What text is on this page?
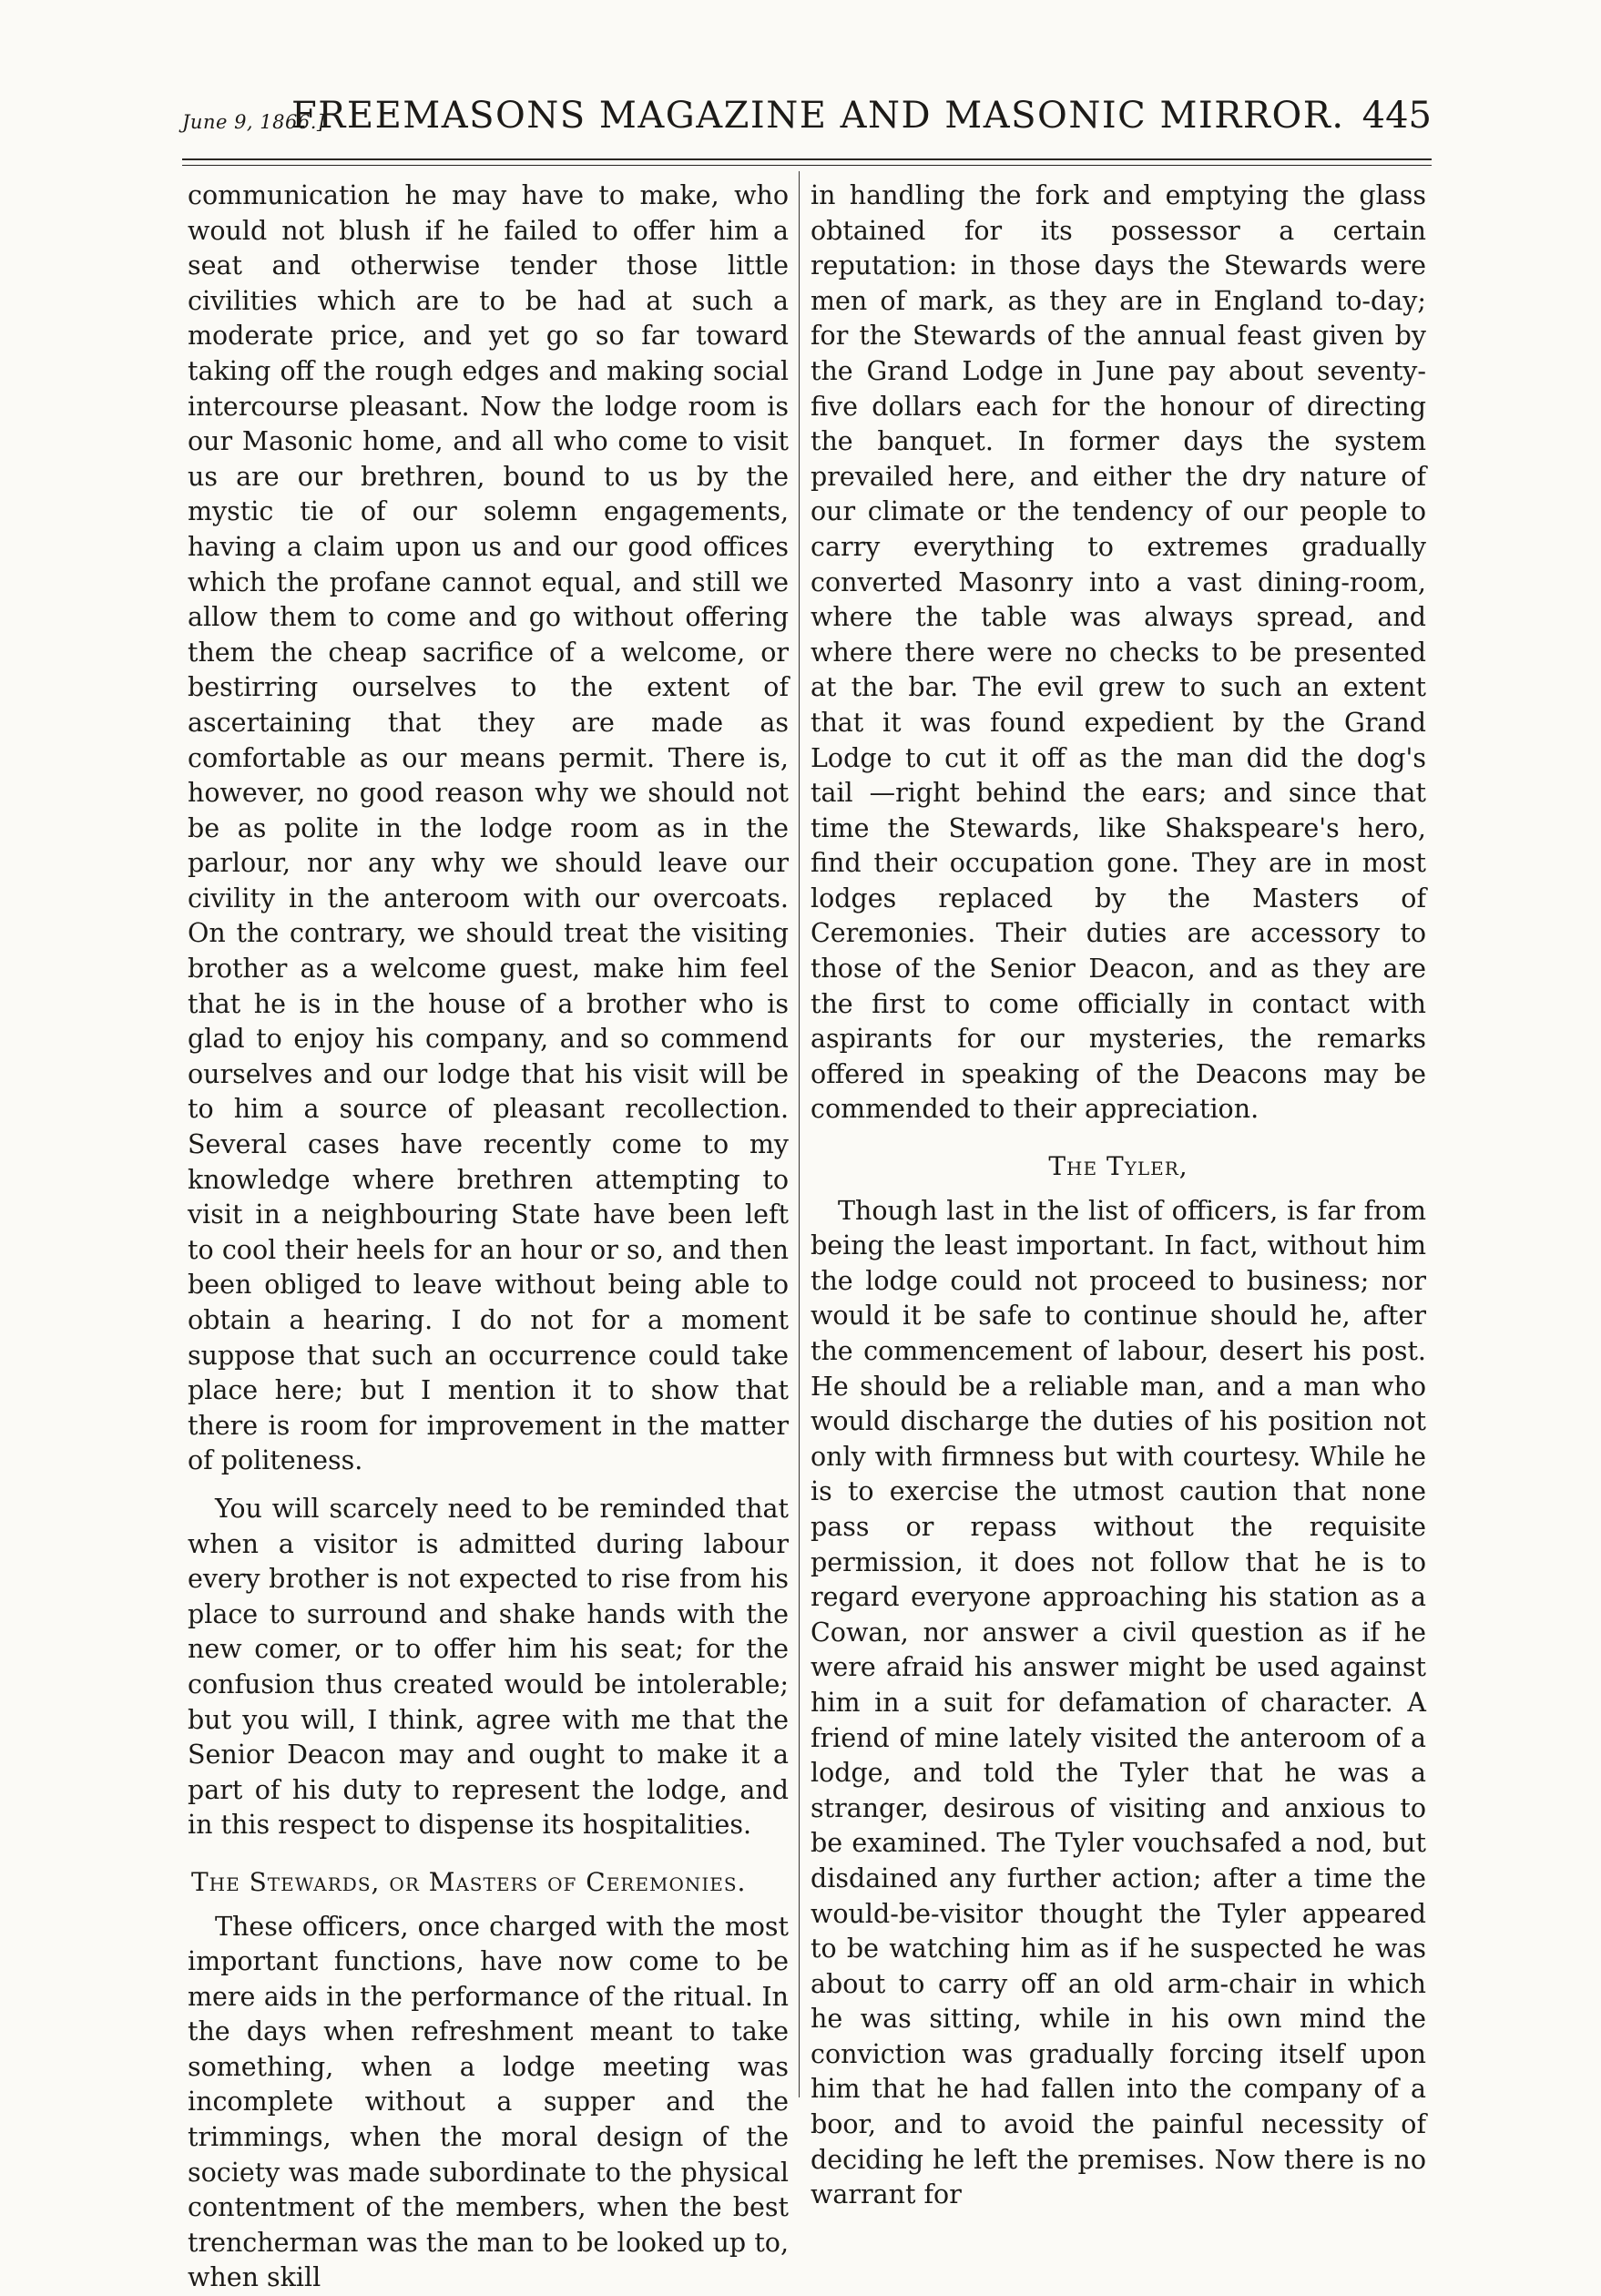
June 9, 1866.]
FREEMASONS MAGAZINE AND MASONIC MIRROR. 445

communication he may have to make, who would not blush if he failed to offer him a seat and otherwise tender those little civilities which are to be had at such a moderate price, and yet go so far toward taking off the rough edges and making social intercourse pleasant. Now the lodge room is our Masonic home, and all who come to visit us are our brethren, bound to us by the mystic tie of our solemn engagements, having a claim upon us and our good offices which the profane cannot equal, and still we allow them to come and go without offering them the cheap sacrifice of a welcome, or bestirring ourselves to the extent of ascertaining that they are made as comfortable as our means permit. There is, however, no good reason why we should not be as polite in the lodge room as in the parlour, nor any why we should leave our civility in the anteroom with our overcoats. On the contrary, we should treat the visiting brother as a welcome guest, make him feel that he is in the house of a brother who is glad to enjoy his company, and so commend ourselves and our lodge that his visit will be to him a source of pleasant recollection. Several cases have recently come to my knowledge where brethren attempting to visit in a neighbouring State have been left to cool their heels for an hour or so, and then been obliged to leave without being able to obtain a hearing. I do not for a moment suppose that such an occurrence could take place here; but I mention it to show that there is room for improvement in the matter of politeness.

You will scarcely need to be reminded that when a visitor is admitted during labour every brother is not expected to rise from his place to surround and shake hands with the new comer, or to offer him his seat; for the confusion thus created would be intolerable; but you will, I think, agree with me that the Senior Deacon may and ought to make it a part of his duty to represent the lodge, and in this respect to dispense its hospitalities.

The Stewards, or Masters of Ceremonies.

These officers, once charged with the most important functions, have now come to be mere aids in the performance of the ritual. In the days when refreshment meant to take something, when a lodge meeting was incomplete without a supper and the trimmings, when the moral design of the society was made subordinate to the physical contentment of the members, when the best trencherman was the man to be looked up to, when skill

in handling the fork and emptying the glass obtained for its possessor a certain reputation: in those days the Stewards were men of mark, as they are in England to-day; for the Stewards of the annual feast given by the Grand Lodge in June pay about seventy-five dollars each for the honour of directing the banquet. In former days the system prevailed here, and either the dry nature of our climate or the tendency of our people to carry everything to extremes gradually converted Masonry into a vast dining-room, where the table was always spread, and where there were no checks to be presented at the bar. The evil grew to such an extent that it was found expedient by the Grand Lodge to cut it off as the man did the dog's tail —right behind the ears; and since that time the Stewards, like Shakspeare's hero, find their occupation gone. They are in most lodges replaced by the Masters of Ceremonies. Their duties are accessory to those of the Senior Deacon, and as they are the first to come officially in contact with aspirants for our mysteries, the remarks offered in speaking of the Deacons may be commended to their appreciation.

The Tyler,

Though last in the list of officers, is far from being the least important. In fact, without him the lodge could not proceed to business; nor would it be safe to continue should he, after the commencement of labour, desert his post. He should be a reliable man, and a man who would discharge the duties of his position not only with firmness but with courtesy. While he is to exercise the utmost caution that none pass or repass without the requisite permission, it does not follow that he is to regard everyone approaching his station as a Cowan, nor answer a civil question as if he were afraid his answer might be used against him in a suit for defamation of character. A friend of mine lately visited the anteroom of a lodge, and told the Tyler that he was a stranger, desirous of visiting and anxious to be examined. The Tyler vouchsafed a nod, but disdained any further action; after a time the would-be-visitor thought the Tyler appeared to be watching him as if he suspected he was about to carry off an old arm-chair in which he was sitting, while in his own mind the conviction was gradually forcing itself upon him that he had fallen into the company of a boor, and to avoid the painful necessity of deciding he left the premises. Now there is no warrant for
